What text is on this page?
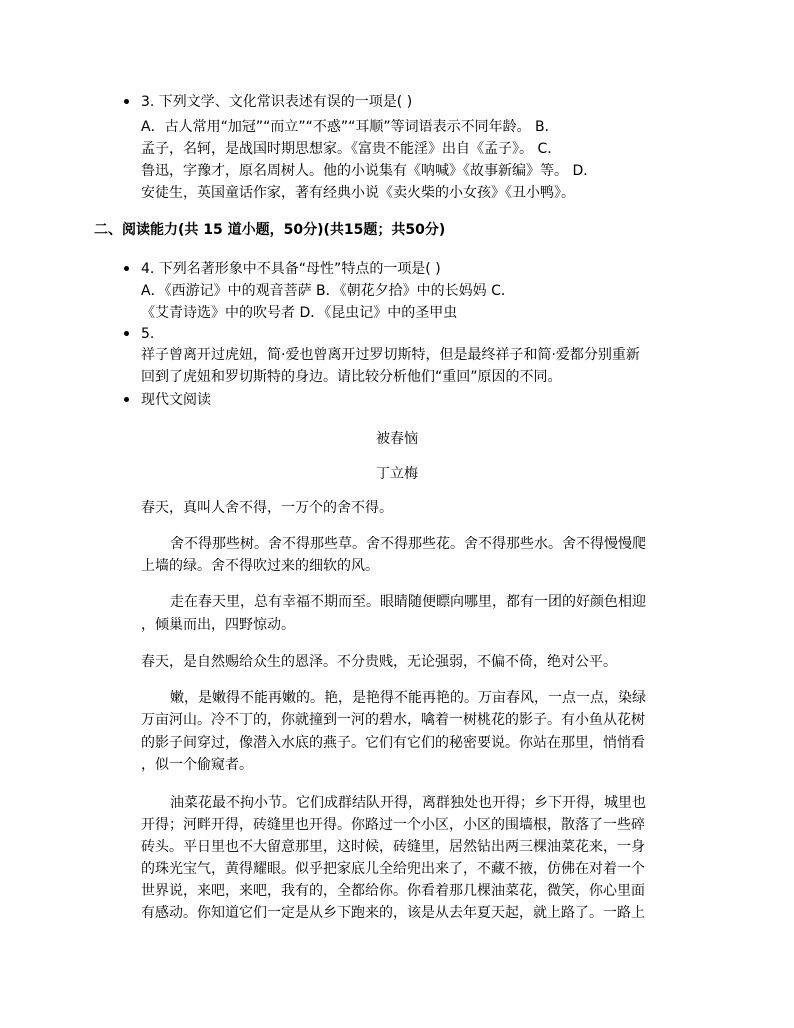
3. 下列文学、文化常识表述有误的一项是( )
A．古人常用“加冠”“而立”“不惑”“耳顺”等词语表示不同年龄。 B．
孟子，名轲，是战国时期思想家。《富贵不能淫》出自《孟子》。 C．
鲁迅，字豫才，原名周树人。他的小说集有《呐喊》《故事新编》等。 D．
安徒生，英国童话作家，著有经典小说《卖火柴的小女孩》《丑小鸭》。
二、阅读能力(共 15 道小题，50分)(共15题；共50分)
4. 下列名著形象中不具备“母性”特点的一项是( )
A．《西游记》中的观音菩萨 B．《朝花夕拾》中的长妈妈 C．
《艾青诗选》中的吹号者 D．《昆虫记》中的圣甲虫
5.
祥子曾离开过虎妞，简·爱也曾离开过罗切斯特，但是最终祥子和简·爱都分别重新
回到了虎妞和罗切斯特的身边。请比较分析他们“重回”原因的不同。
现代文阅读
被春恼
丁立梅
春天，真叫人舍不得，一万个的舍不得。
舍不得那些树。舍不得那些草。舍不得那些花。舍不得那些水。舍不得慢慢爬
上墙的绿。舍不得吹过来的细软的风。
走在春天里，总有幸福不期而至。眼睛随便瞟向哪里，都有一团的好颜色相迎
，倾巢而出，四野惊动。
春天，是自然赐给众生的恩泽。不分贵贱，无论强弱，不偏不倚，绝对公平。
嫩，是嫩得不能再嫩的。艳，是艳得不能再艳的。万亩春风，一点一点，染绿
万亩河山。冷不丁的，你就撞到一河的碧水，噙着一树桃花的影子。有小鱼从花树
的影子间穿过，像潜入水底的燕子。它们有它们的秘密要说。你站在那里，悄悄看
，似一个偷窥者。
油菜花最不拘小节。它们成群结队开得，离群独处也开得；乡下开得，城里也
开得；河畔开得，砖缝里也开得。你路过一个小区，小区的围墙根，散落了一些碎
砖头。平日里也不大留意那里，这时候，砖缝里，居然钻出两三棵油菜花来，一身
的珠光宝气，黄得耀眼。似乎把家底儿全给兜出来了，不藏不掖，仿佛在对着一个
世界说，来吧，来吧，我有的，全都给你。你看着那几棵油菜花，微笑，你心里面
有感动。你知道它们一定是从乡下跑来的，该是从去年夏天起，就上路了。一路上
